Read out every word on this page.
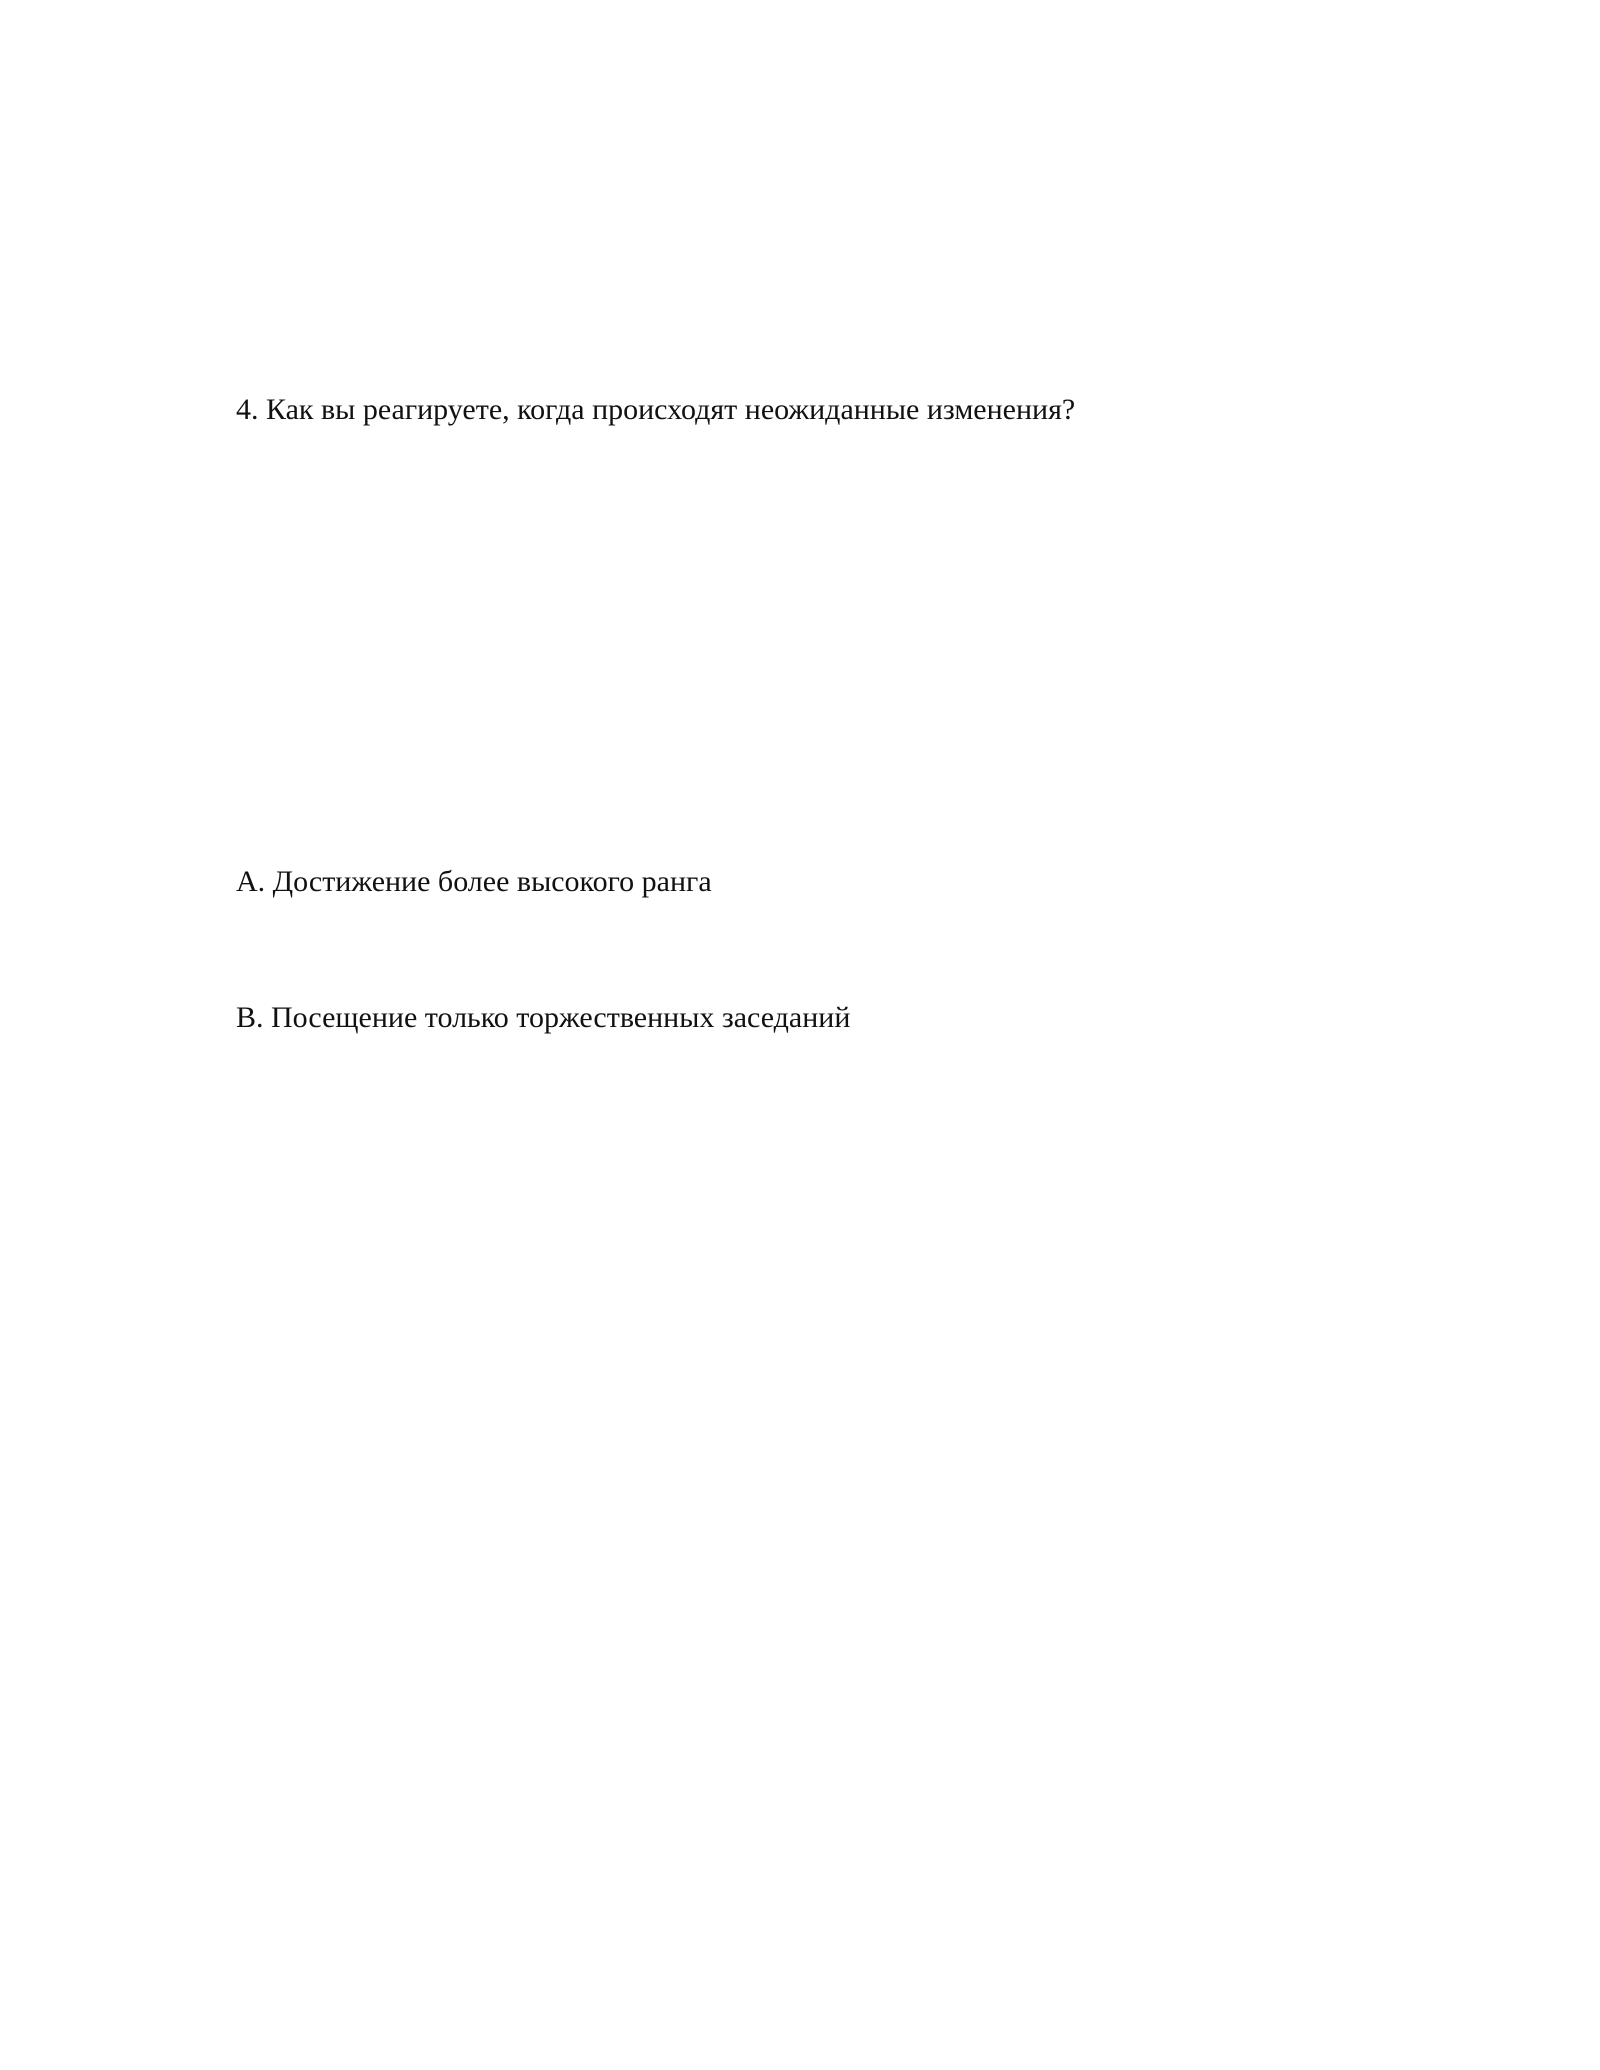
4. Как вы реагируете, когда происходят неожиданные изменения?

A. Достижение более высокого ранга

B. Посещение только торжественных заседаний
